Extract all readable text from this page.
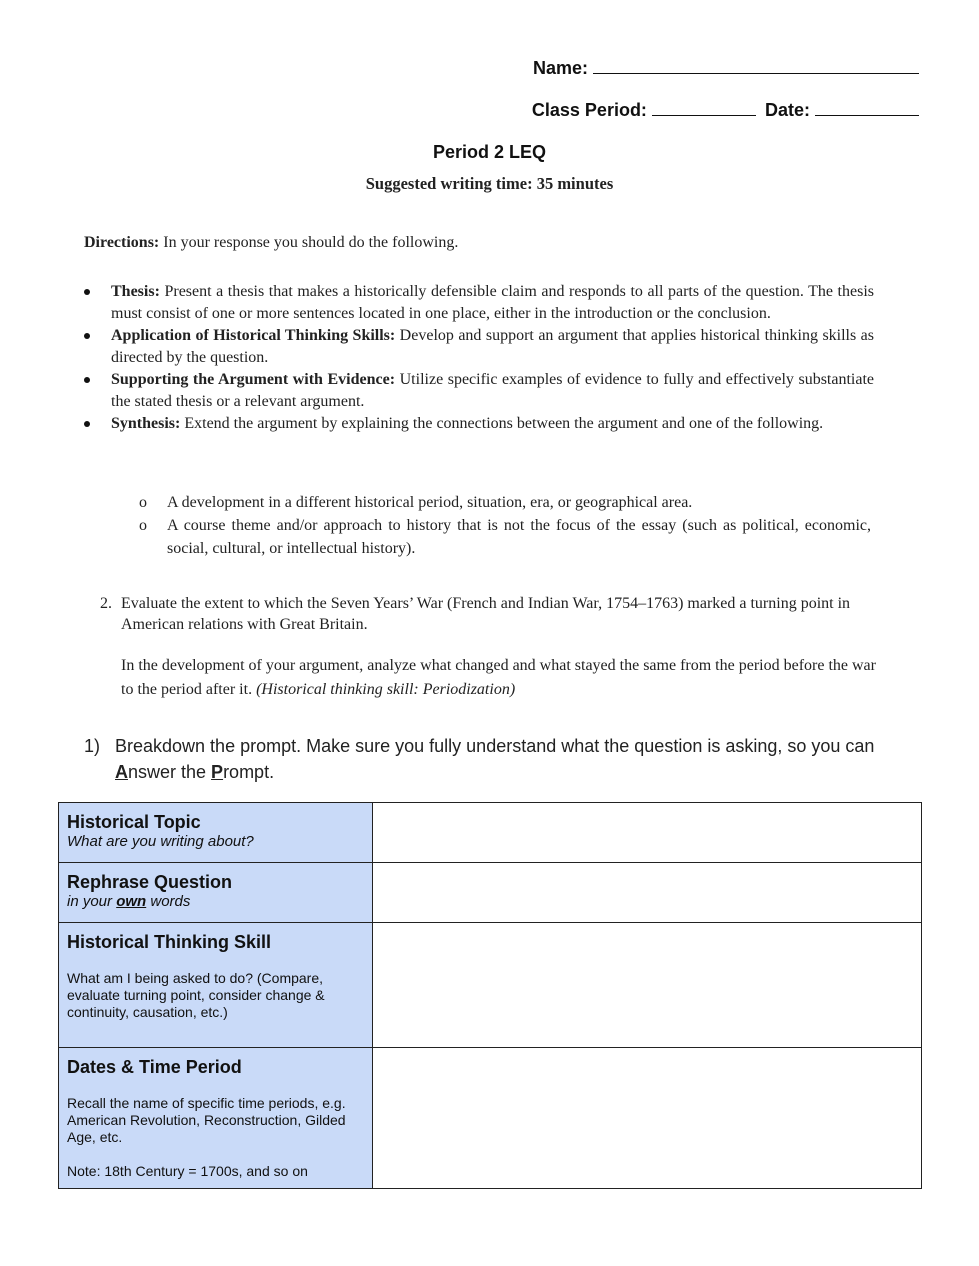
Name:
Class Period:	Date:
Period 2 LEQ
Suggested writing time: 35 minutes
Directions: In your response you should do the following.
Thesis: Present a thesis that makes a historically defensible claim and responds to all parts of the question. The thesis must consist of one or more sentences located in one place, either in the introduction or the conclusion.
Application of Historical Thinking Skills: Develop and support an argument that applies historical thinking skills as directed by the question.
Supporting the Argument with Evidence: Utilize specific examples of evidence to fully and effectively substantiate the stated thesis or a relevant argument.
Synthesis: Extend the argument by explaining the connections between the argument and one of the following.
o A development in a different historical period, situation, era, or geographical area.
o A course theme and/or approach to history that is not the focus of the essay (such as political, economic, social, cultural, or intellectual history).
2. Evaluate the extent to which the Seven Years’ War (French and Indian War, 1754–1763) marked a turning point in American relations with Great Britain.
In the development of your argument, analyze what changed and what stayed the same from the period before the war to the period after it. (Historical thinking skill: Periodization)
1) Breakdown the prompt. Make sure you fully understand what the question is asking, so you can Answer the Prompt.
Historical Topic
What are you writing about?	

Rephrase Question
in your own words	

Historical Thinking Skill
What am I being asked to do? (Compare, evaluate turning point, consider change & continuity, causation, etc.)	

Dates & Time Period
Recall the name of specific time periods, e.g. American Revolution, Reconstruction, Gilded Age, etc.
Note: 18th Century = 1700s, and so on	
